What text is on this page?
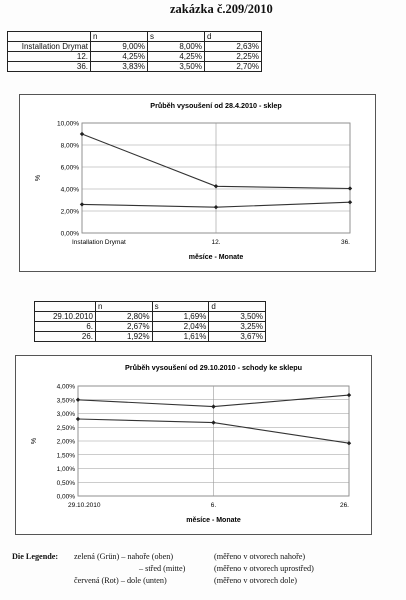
zakázka č.209/2010
	n	s	d
Installation Drymat	9,00%	8,00%	2,63%
12.	4,25%	4,25%	2,25%
36.	3,83%	3,50%	2,70%
Průběh vysoušení od 28.4.2010 - sklep
0,00%
2,00%
4,00%
6,00%
8,00%
10,00%
Installation Drymat	12.	36.
měsíce - Monate
%
	n	s	d
29.10.2010	2,80%	1,69%	3,50%
6.	2,67%	2,04%	3,25%
26.	1,92%	1,61%	3,67%
Průběh vysoušení od 29.10.2010 - schody ke sklepu
0,00%
0,50%
1,00%
1,50%
2,00%
2,50%
3,00%
3,50%
4,00%
29.10.2010	6.	26.
měsíce - Monate
%
Die Legende: zelená (Grün) – nahoře (oben)	(měřeno v otvorech nahoře)
– střed (mitte)	(měřeno v otvorech uprostřed)
červená (Rot) – dole (unten)	(měřeno v otvorech dole)
